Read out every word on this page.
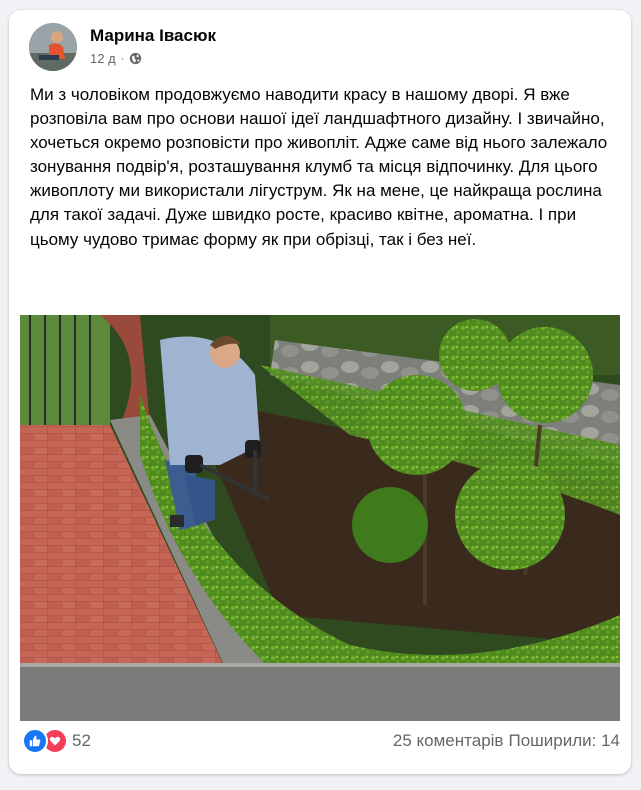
Марина Івасюк
12 д ·
Ми з чоловіком продовжуємо наводити красу в нашому дворі. Я вже розповіла вам про основи нашої ідеї ландшафтного дизайну. І звичайно, хочеться окремо розповісти про живопліт. Адже саме від нього залежало зонування подвір'я, розташування клумб та місця відпочинку. Для цього живоплоту ми використали лігуструм. Як на мене, це найкраща рослина для такої задачі. Дуже швидко росте, красиво квітне, ароматна. І при цьому чудово тримає форму як при обрізці, так і без неї.
52	25 коментарів Поширили: 14
